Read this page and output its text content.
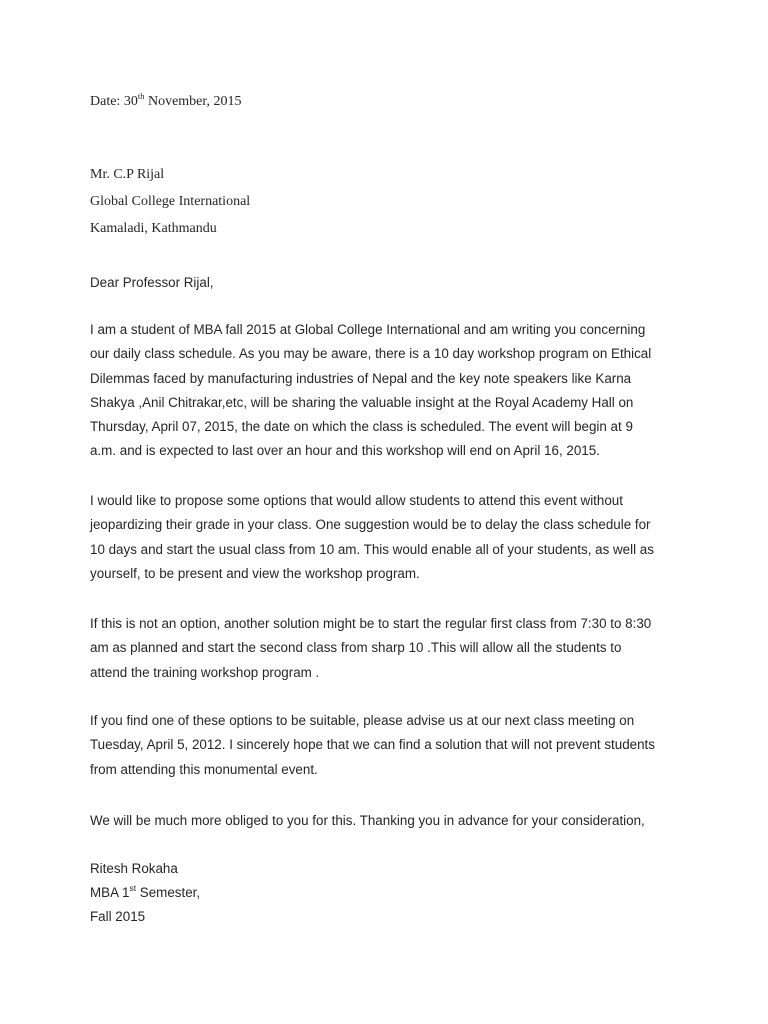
Date: 30th November, 2015
Mr. C.P Rijal
Global College International
Kamaladi, Kathmandu
Dear Professor Rijal,
I am a student of MBA fall 2015 at Global College International and am writing you concerning
our daily class schedule. As you may be aware, there is a 10 day workshop program on Ethical
Dilemmas faced by manufacturing industries of Nepal and the key note speakers like Karna
Shakya ,Anil Chitrakar,etc, will be sharing the valuable insight at the Royal Academy Hall on
Thursday, April 07, 2015, the date on which the class is scheduled. The event will begin at 9
a.m. and is expected to last over an hour and this workshop will end on April 16, 2015.
I would like to propose some options that would allow students to attend this event without
jeopardizing their grade in your class. One suggestion would be to delay the class schedule for
10 days and start the usual class from 10 am. This would enable all of your students, as well as
yourself, to be present and view the workshop program.
If this is not an option, another solution might be to start the regular first class from 7:30 to 8:30
am as planned and start the second class from sharp 10 .This will allow all the students to
attend the training workshop program .
If you find one of these options to be suitable, please advise us at our next class meeting on
Tuesday, April 5, 2012. I sincerely hope that we can find a solution that will not prevent students
from attending this monumental event.
We will be much more obliged to you for this. Thanking you in advance for your consideration,
Ritesh Rokaha
MBA 1st Semester,
Fall 2015
